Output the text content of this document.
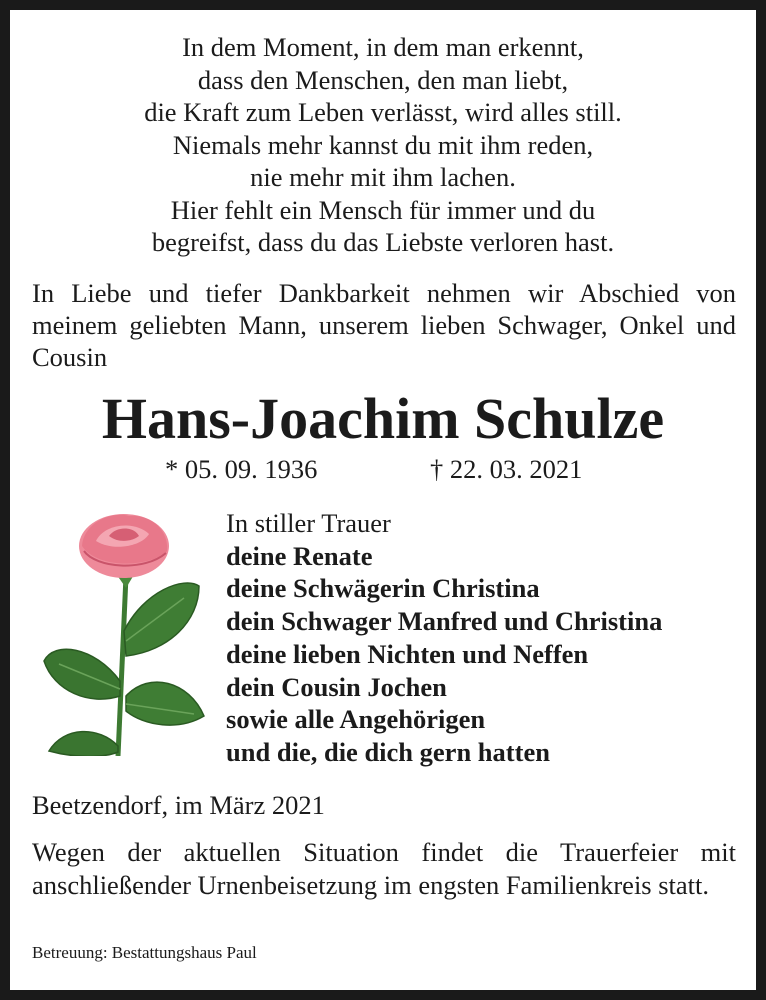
In dem Moment, in dem man erkennt,
dass den Menschen, den man liebt,
die Kraft zum Leben verlässt, wird alles still.
Niemals mehr kannst du mit ihm reden,
nie mehr mit ihm lachen.
Hier fehlt ein Mensch für immer und du
begreifst, dass du das Liebste verloren hast.
In Liebe und tiefer Dankbarkeit nehmen wir Abschied von meinem geliebten Mann, unserem lieben Schwager, Onkel und Cousin
Hans-Joachim Schulze
* 05. 09. 1936	† 22. 03. 2021
In stiller Trauer
deine Renate
deine Schwägerin Christina
dein Schwager Manfred und Christina
deine lieben Nichten und Neffen
dein Cousin Jochen
sowie alle Angehörigen
und die, die dich gern hatten
Beetzendorf, im März 2021
Wegen der aktuellen Situation findet die Trauerfeier mit anschließender Urnenbeisetzung im engsten Familienkreis statt.
Betreuung: Bestattungshaus Paul
